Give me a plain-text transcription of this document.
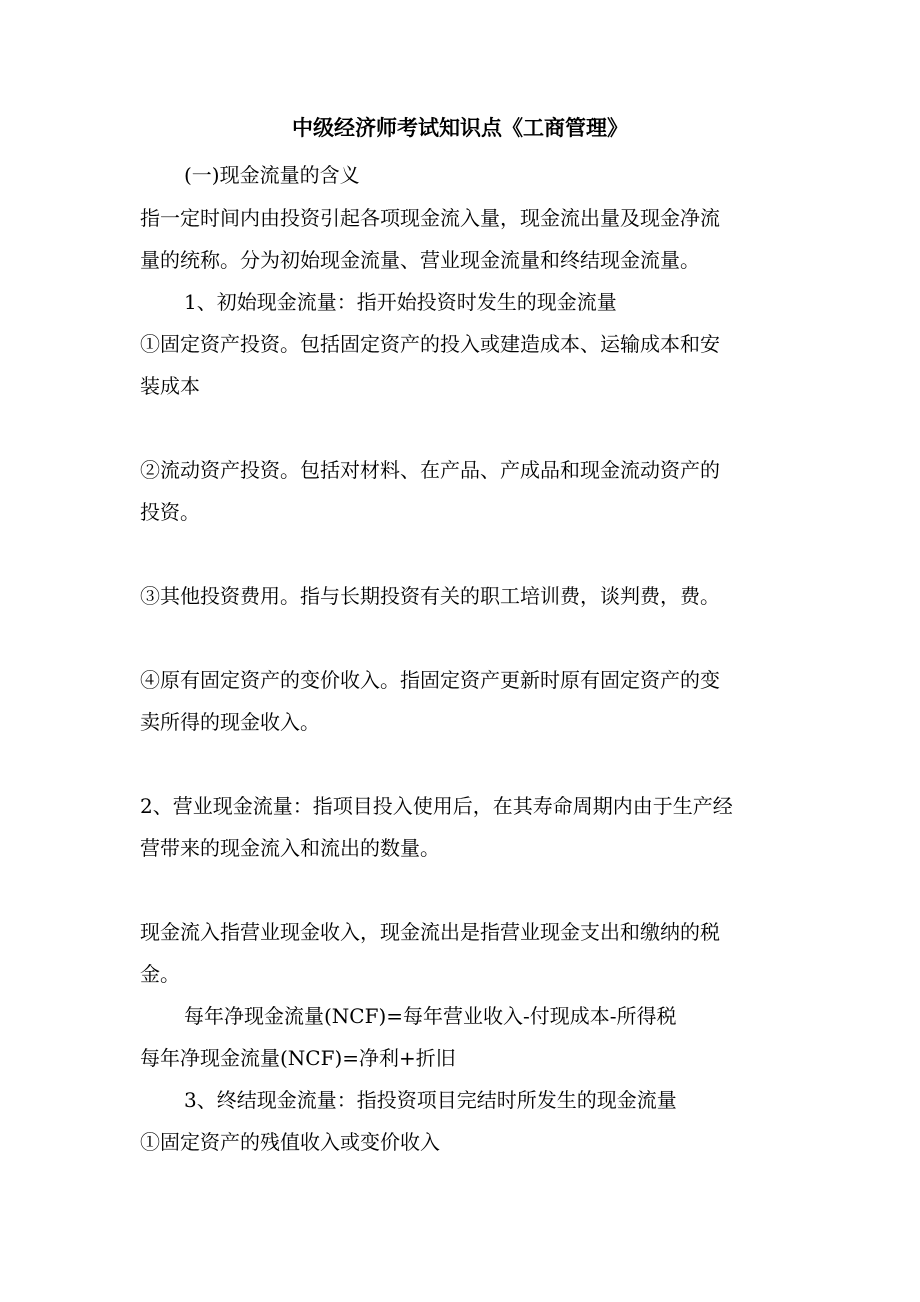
中级经济师考试知识点《工商管理》
(一)现金流量的含义
指一定时间内由投资引起各项现金流入量，现金流出量及现金净流
量的统称。分为初始现金流量、营业现金流量和终结现金流量。
1、初始现金流量：指开始投资时发生的现金流量
①固定资产投资。包括固定资产的投入或建造成本、运输成本和安
装成本
②流动资产投资。包括对材料、在产品、产成品和现金流动资产的
投资。
③其他投资费用。指与长期投资有关的职工培训费，谈判费，费。
④原有固定资产的变价收入。指固定资产更新时原有固定资产的变
卖所得的现金收入。
2、营业现金流量：指项目投入使用后，在其寿命周期内由于生产经
营带来的现金流入和流出的数量。
现金流入指营业现金收入，现金流出是指营业现金支出和缴纳的税
金。
每年净现金流量(NCF)=每年营业收入-付现成本-所得税
每年净现金流量(NCF)=净利+折旧
3、终结现金流量：指投资项目完结时所发生的现金流量
①固定资产的残值收入或变价收入
